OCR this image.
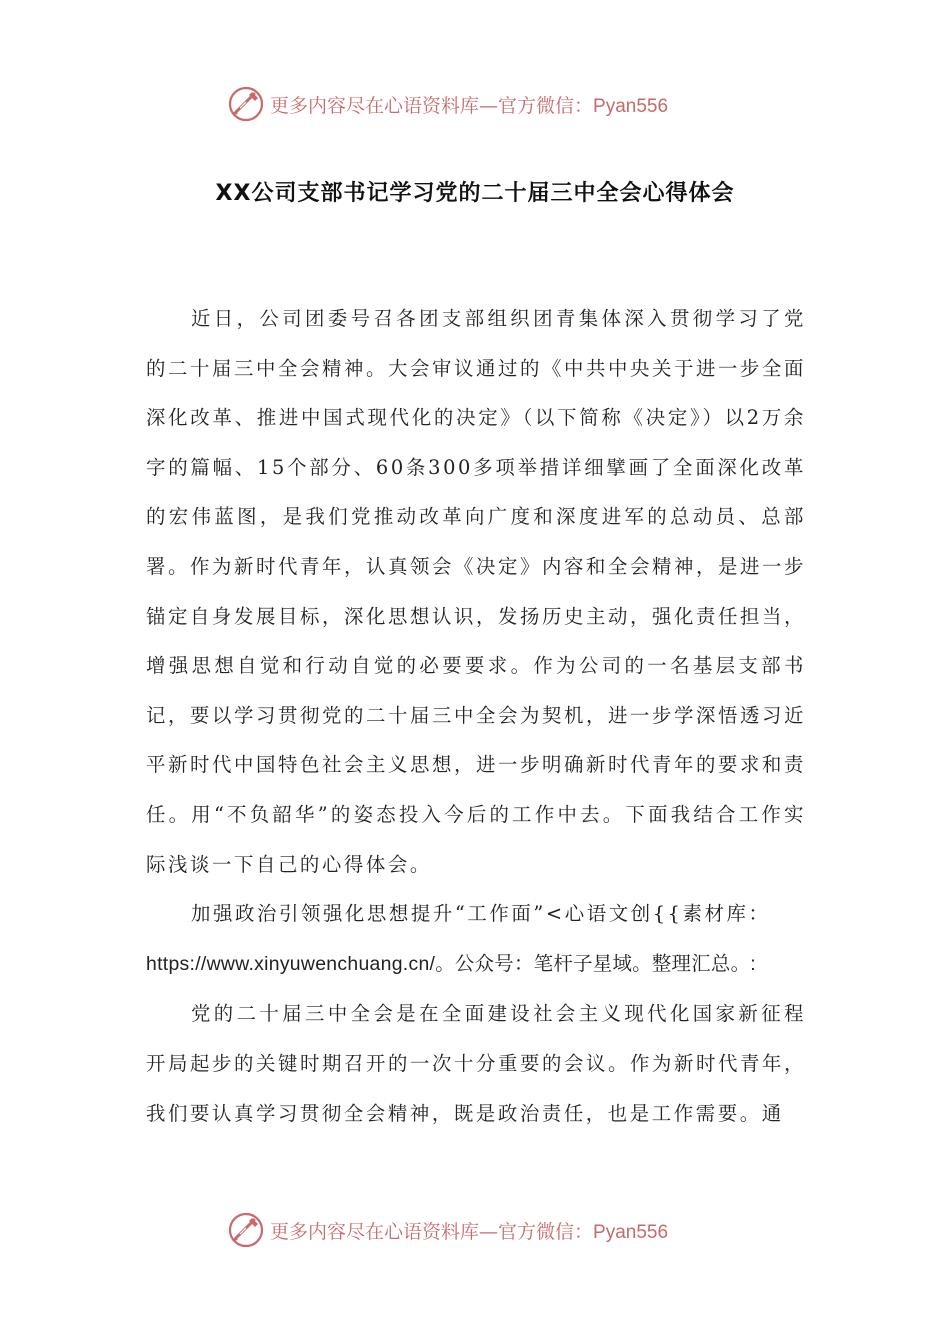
更多内容尽在心语资料库—官方微信：Pyan556
XX公司支部书记学习党的二十届三中全会心得体会

近日，公司团委号召各团支部组织团青集体深入贯彻学习了党的二十届三中全会精神。大会审议通过的《中共中央关于进一步全面深化改革、推进中国式现代化的决定》（以下简称《决定》）以2万余字的篇幅、15个部分、60条300多项举措详细擘画了全面深化改革的宏伟蓝图，是我们党推动改革向广度和深度进军的总动员、总部署。作为新时代青年，认真领会《决定》内容和全会精神，是进一步锚定自身发展目标，深化思想认识，发扬历史主动，强化责任担当，增强思想自觉和行动自觉的必要要求。作为公司的一名基层支部书记，要以学习贯彻党的二十届三中全会为契机，进一步学深悟透习近平新时代中国特色社会主义思想，进一步明确新时代青年的要求和责任。用“不负韶华”的姿态投入今后的工作中去。下面我结合工作实际浅谈一下自己的心得体会。

加强政治引领强化思想提升“工作面”<心语文创{{素材库：

https://www.xinyuwenchuang.cn/。公众号：笔杆子星域。整理汇总。:

党的二十届三中全会是在全面建设社会主义现代化国家新征程开局起步的关键时期召开的一次十分重要的会议。作为新时代青年，我们要认真学习贯彻全会精神，既是政治责任，也是工作需要。通

更多内容尽在心语资料库—官方微信：Pyan556
